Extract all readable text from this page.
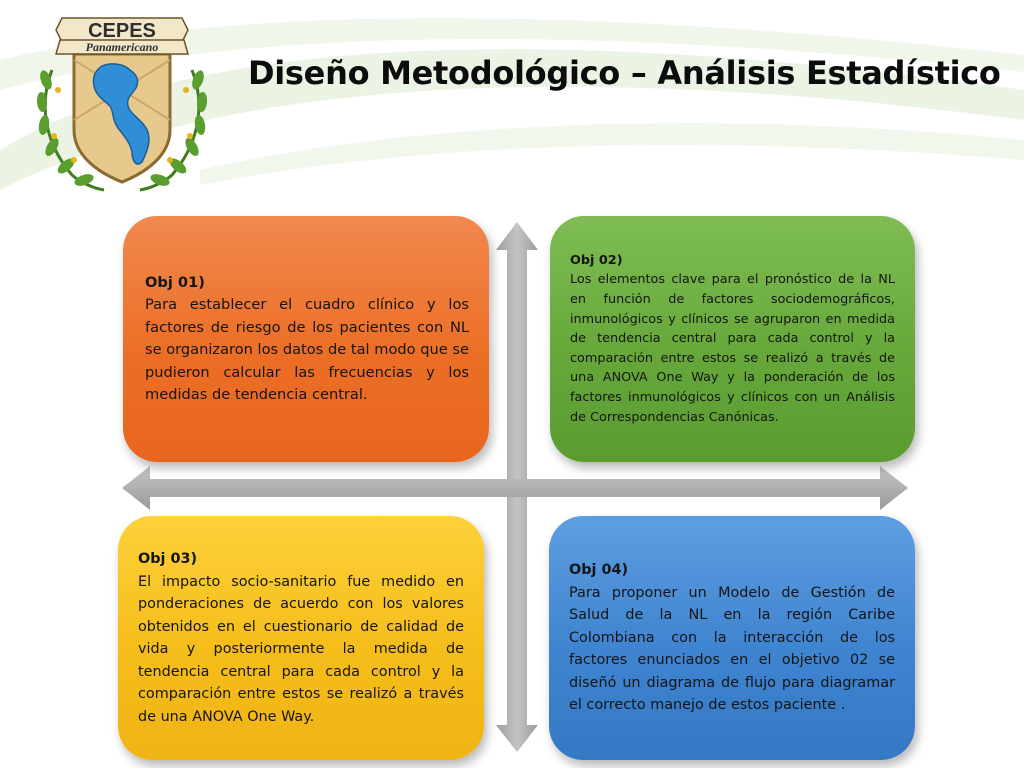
CEPES
Panamericano
Diseño Metodológico – Análisis Estadístico
Obj 01)

Para establecer el cuadro clínico y los factores de riesgo de los pacientes con NL se organizaron los datos de tal modo que se pudieron calcular las frecuencias y los medidas de tendencia central.

Obj 02)

Los elementos clave para el pronóstico de la NL en función de factores sociodemográficos, inmunológicos y clínicos se agruparon en medida de tendencia central para cada control y la comparación entre estos se realizó a través de una ANOVA One Way y la ponderación de los factores inmunológicos y clínicos con un Análisis de Correspondencias Canónicas.

Obj 03)

El impacto socio-sanitario fue medido en ponderaciones de acuerdo con los valores obtenidos en el cuestionario de calidad de vida y posteriormente la medida de tendencia central para cada control y la comparación entre estos se realizó a través de una ANOVA One Way.

Obj 04)

Para proponer un Modelo de Gestión de Salud de la NL en la región Caribe Colombiana con la interacción de los factores enunciados en el objetivo 02 se diseñó un diagrama de flujo para diagramar el correcto manejo de estos paciente .
